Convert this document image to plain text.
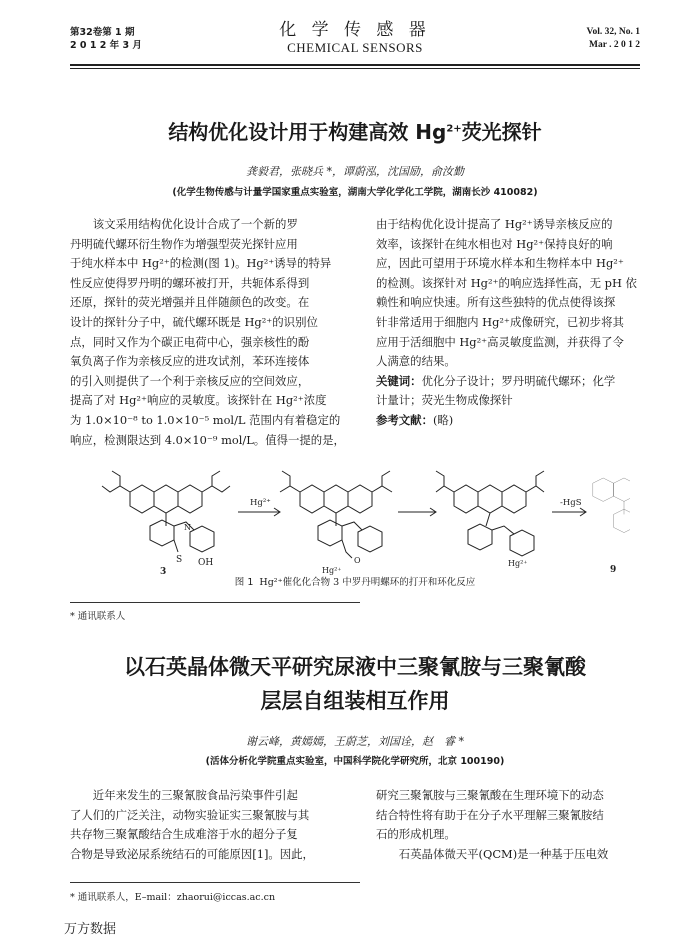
第32卷第 1 期
2 0 1 2 年 3 月
化 学 传 感 器
CHEMICAL SENSORS
Vol. 32, No. 1
Mar . 2 0 1 2
结构优化设计用于构建高效 $Hg^{2+}$荧光探针
龚毅君，张晓兵 *，谭蔚泓，沈国励，俞汝勤
(化学生物传感与计量学国家重点实验室，湖南大学化学化工学院，湖南长沙 410082)

该文采用结构优化设计合成了一个新的罗

丹明硫代螺环衍生物作为增强型荧光探针应用

于纯水样本中 Hg²⁺的检测(图 1)。Hg²⁺诱导的特异

性反应使得罗丹明的螺环被打开，共轭体系得到

还原，探针的荧光增强并且伴随颜色的改变。在

设计的探针分子中，硫代螺环既是 Hg²⁺的识别位

点，同时又作为个碳正电荷中心，强亲核性的酚

氧负离子作为亲核反应的进攻试剂，苯环连接体

的引入则提供了一个利于亲核反应的空间效应，

提高了对 Hg²⁺响应的灵敏度。该探针在 Hg²⁺浓度

为 1.0×10⁻⁸ to 1.0×10⁻⁵ mol/L 范围内有着稳定的

响应，检测限达到 4.0×10⁻⁹ mol/L。值得一提的是，

由于结构优化设计提高了 Hg²⁺诱导亲核反应的

效率，该探针在纯水相也对 Hg²⁺保持良好的响

应，因此可望用于环境水样本和生物样本中 Hg²⁺

的检测。该探针对 Hg²⁺的响应选择性高，无 pH 依

赖性和响应快速。所有这些独特的优点使得该探

针非常适用于细胞内 Hg²⁺成像研究，已初步将其

应用于活细胞中 Hg²⁺高灵敏度监测，并获得了令

人满意的结果。

关键词：优化分子设计；罗丹明硫代螺环；化学

计量计；荧光生物成像探针

参考文献：(略)

Hg²⁺	-HgS
S OH
3
N
O
Hg²⁺
Hg²⁺
9
图 1 Hg²⁺催化化合物 3 中罗丹明螺环的打开和环化反应
* 通讯联系人
以石英晶体微天平研究尿液中三聚氰胺与三聚氰酸
层层自组装相互作用
谢云峰，黄嫣嫣，王蔚芝，刘国诠，赵　睿 *
(活体分析化学院重点实验室，中国科学院化学研究所，北京 100190)

近年来发生的三聚氰胺食品污染事件引起

了人们的广泛关注，动物实验证实三聚氰胺与其

共存物三聚氰酸结合生成难溶于水的超分子复

合物是导致泌尿系统结石的可能原因[1]。因此，

研究三聚氰胺与三聚氰酸在生理环境下的动态

结合特性将有助于在分子水平理解三聚氰胺结

石的形成机理。

石英晶体微天平(QCM)是一种基于压电效

* 通讯联系人，E–mail：zhaorui@iccas.ac.cn
万方数据
